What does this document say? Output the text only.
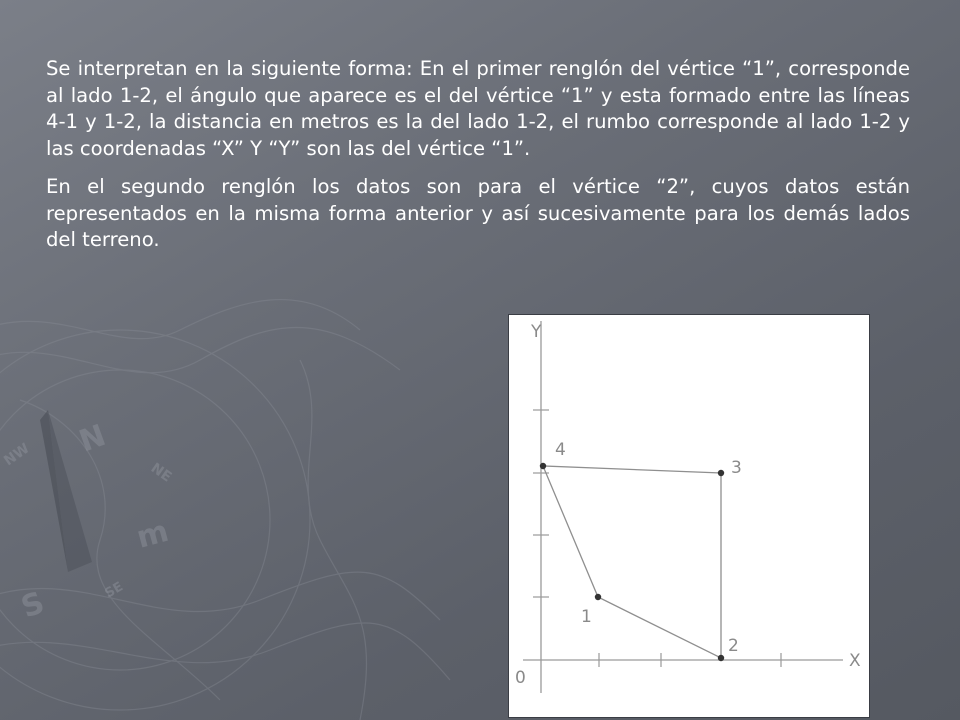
N
S
NW
NE
SE
m

Se interpretan en la siguiente forma: En el primer renglón del vértice “1”, corresponde al lado 1-2, el ángulo que aparece es el del vértice “1” y esta formado entre las líneas 4-1 y 1-2, la distancia en metros es la del lado 1-2, el rumbo corresponde al lado 1-2 y las coordenadas “X” Y “Y” son las del vértice “1”.

En el segundo renglón los datos son para el vértice “2”, cuyos datos están representados en la misma forma anterior y así sucesivamente para los demás lados del terreno.

Y
X
0
1
2
3
4
